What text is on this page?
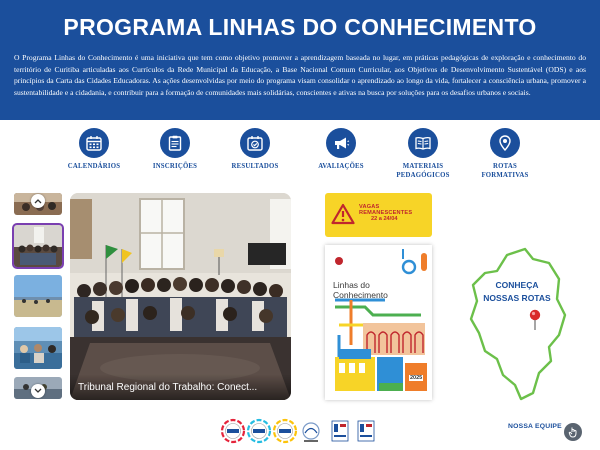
PROGRAMA LINHAS DO CONHECIMENTO

O Programa Linhas do Conhecimento é uma iniciativa que tem como objetivo promover a aprendizagem baseada no lugar, em práticas pedagógicas de exploração e conhecimento do território de Curitiba articuladas aos Currículos da Rede Municipal da Educação, a Base Nacional Comum Curricular, aos Objetivos de Desenvolvimento Sustentável (ODS) e aos princípios da Carta das Cidades Educadoras. As ações desenvolvidas por meio do programa visam consolidar o aprendizado ao longo da vida, fortalecer a consciência urbana, promover a sustentabilidade e a cidadania, e contribuir para a formação de comunidades mais solidárias, conscientes e ativas na busca por soluções para os desafios urbanos e sociais.

CALENDÁRIOS	INSCRIÇÕES	RESULTADOS	AVALIAÇÕES	MATERIAIS PEDAGÓGICOS
ROTAS FORMATIVAS
Tribunal Regional do Trabalho: Conect...
VAGAS REMANESCENTES
22 a 24/04
Linhas do
Conhecimento
2025
CONHEÇA
NOSSAS ROTAS
NOSSA EQUIPE
